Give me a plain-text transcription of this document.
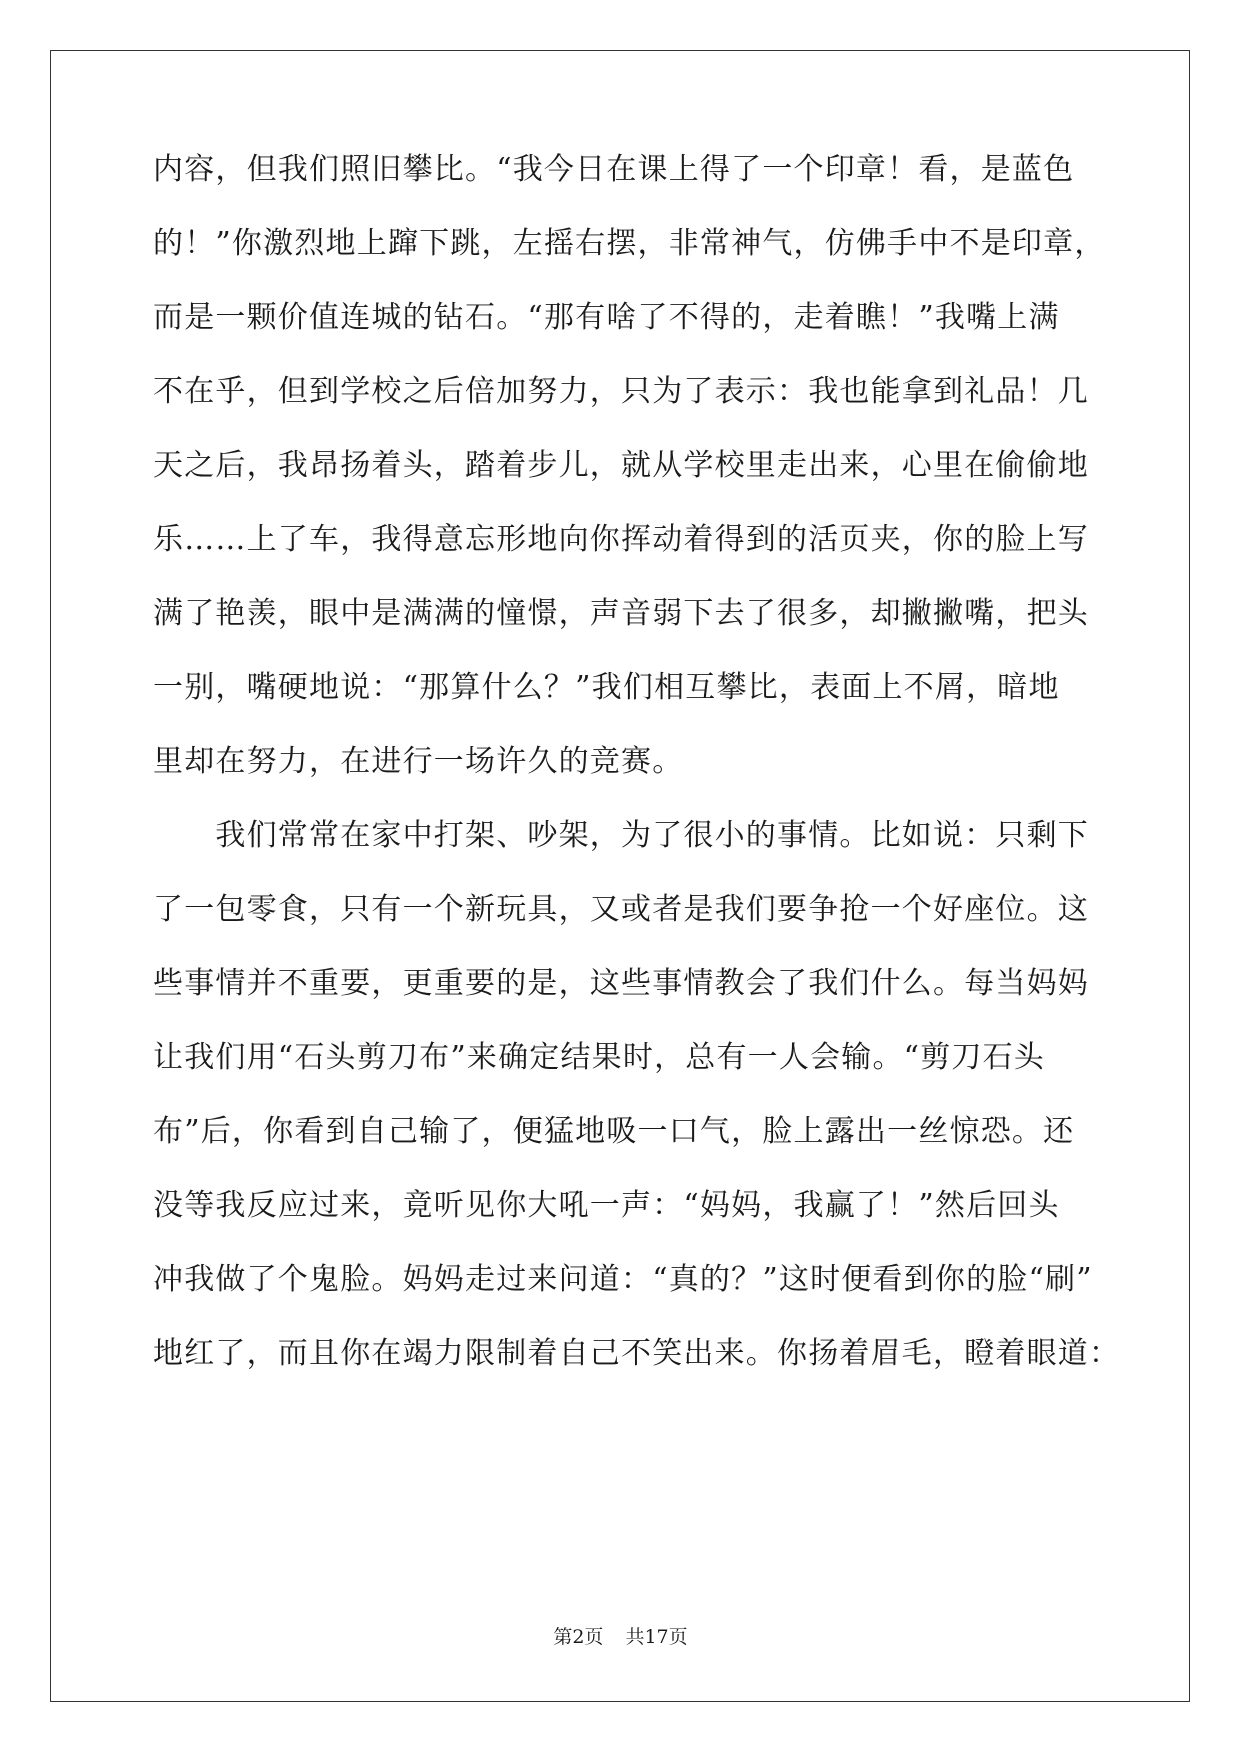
内容，但我们照旧攀比。“我今日在课上得了一个印章！看，是蓝色
的！”你激烈地上蹿下跳，左摇右摆，非常神气，仿佛手中不是印章，
而是一颗价值连城的钻石。“那有啥了不得的，走着瞧！”我嘴上满
不在乎，但到学校之后倍加努力，只为了表示：我也能拿到礼品！几
天之后，我昂扬着头，踏着步儿，就从学校里走出来，心里在偷偷地
乐……上了车，我得意忘形地向你挥动着得到的活页夹，你的脸上写
满了艳羡，眼中是满满的憧憬，声音弱下去了很多，却撇撇嘴，把头
一别，嘴硬地说：“那算什么？”我们相互攀比，表面上不屑，暗地
里却在努力，在进行一场许久的竞赛。
　　我们常常在家中打架、吵架，为了很小的事情。比如说：只剩下
了一包零食，只有一个新玩具，又或者是我们要争抢一个好座位。这
些事情并不重要，更重要的是，这些事情教会了我们什么。每当妈妈
让我们用“石头剪刀布”来确定结果时，总有一人会输。“剪刀石头
布”后，你看到自己输了，便猛地吸一口气，脸上露出一丝惊恐。还
没等我反应过来，竟听见你大吼一声：“妈妈，我赢了！”然后回头
冲我做了个鬼脸。妈妈走过来问道：“真的？”这时便看到你的脸“刷”
地红了，而且你在竭力限制着自己不笑出来。你扬着眉毛，瞪着眼道：
第2页 共17页
